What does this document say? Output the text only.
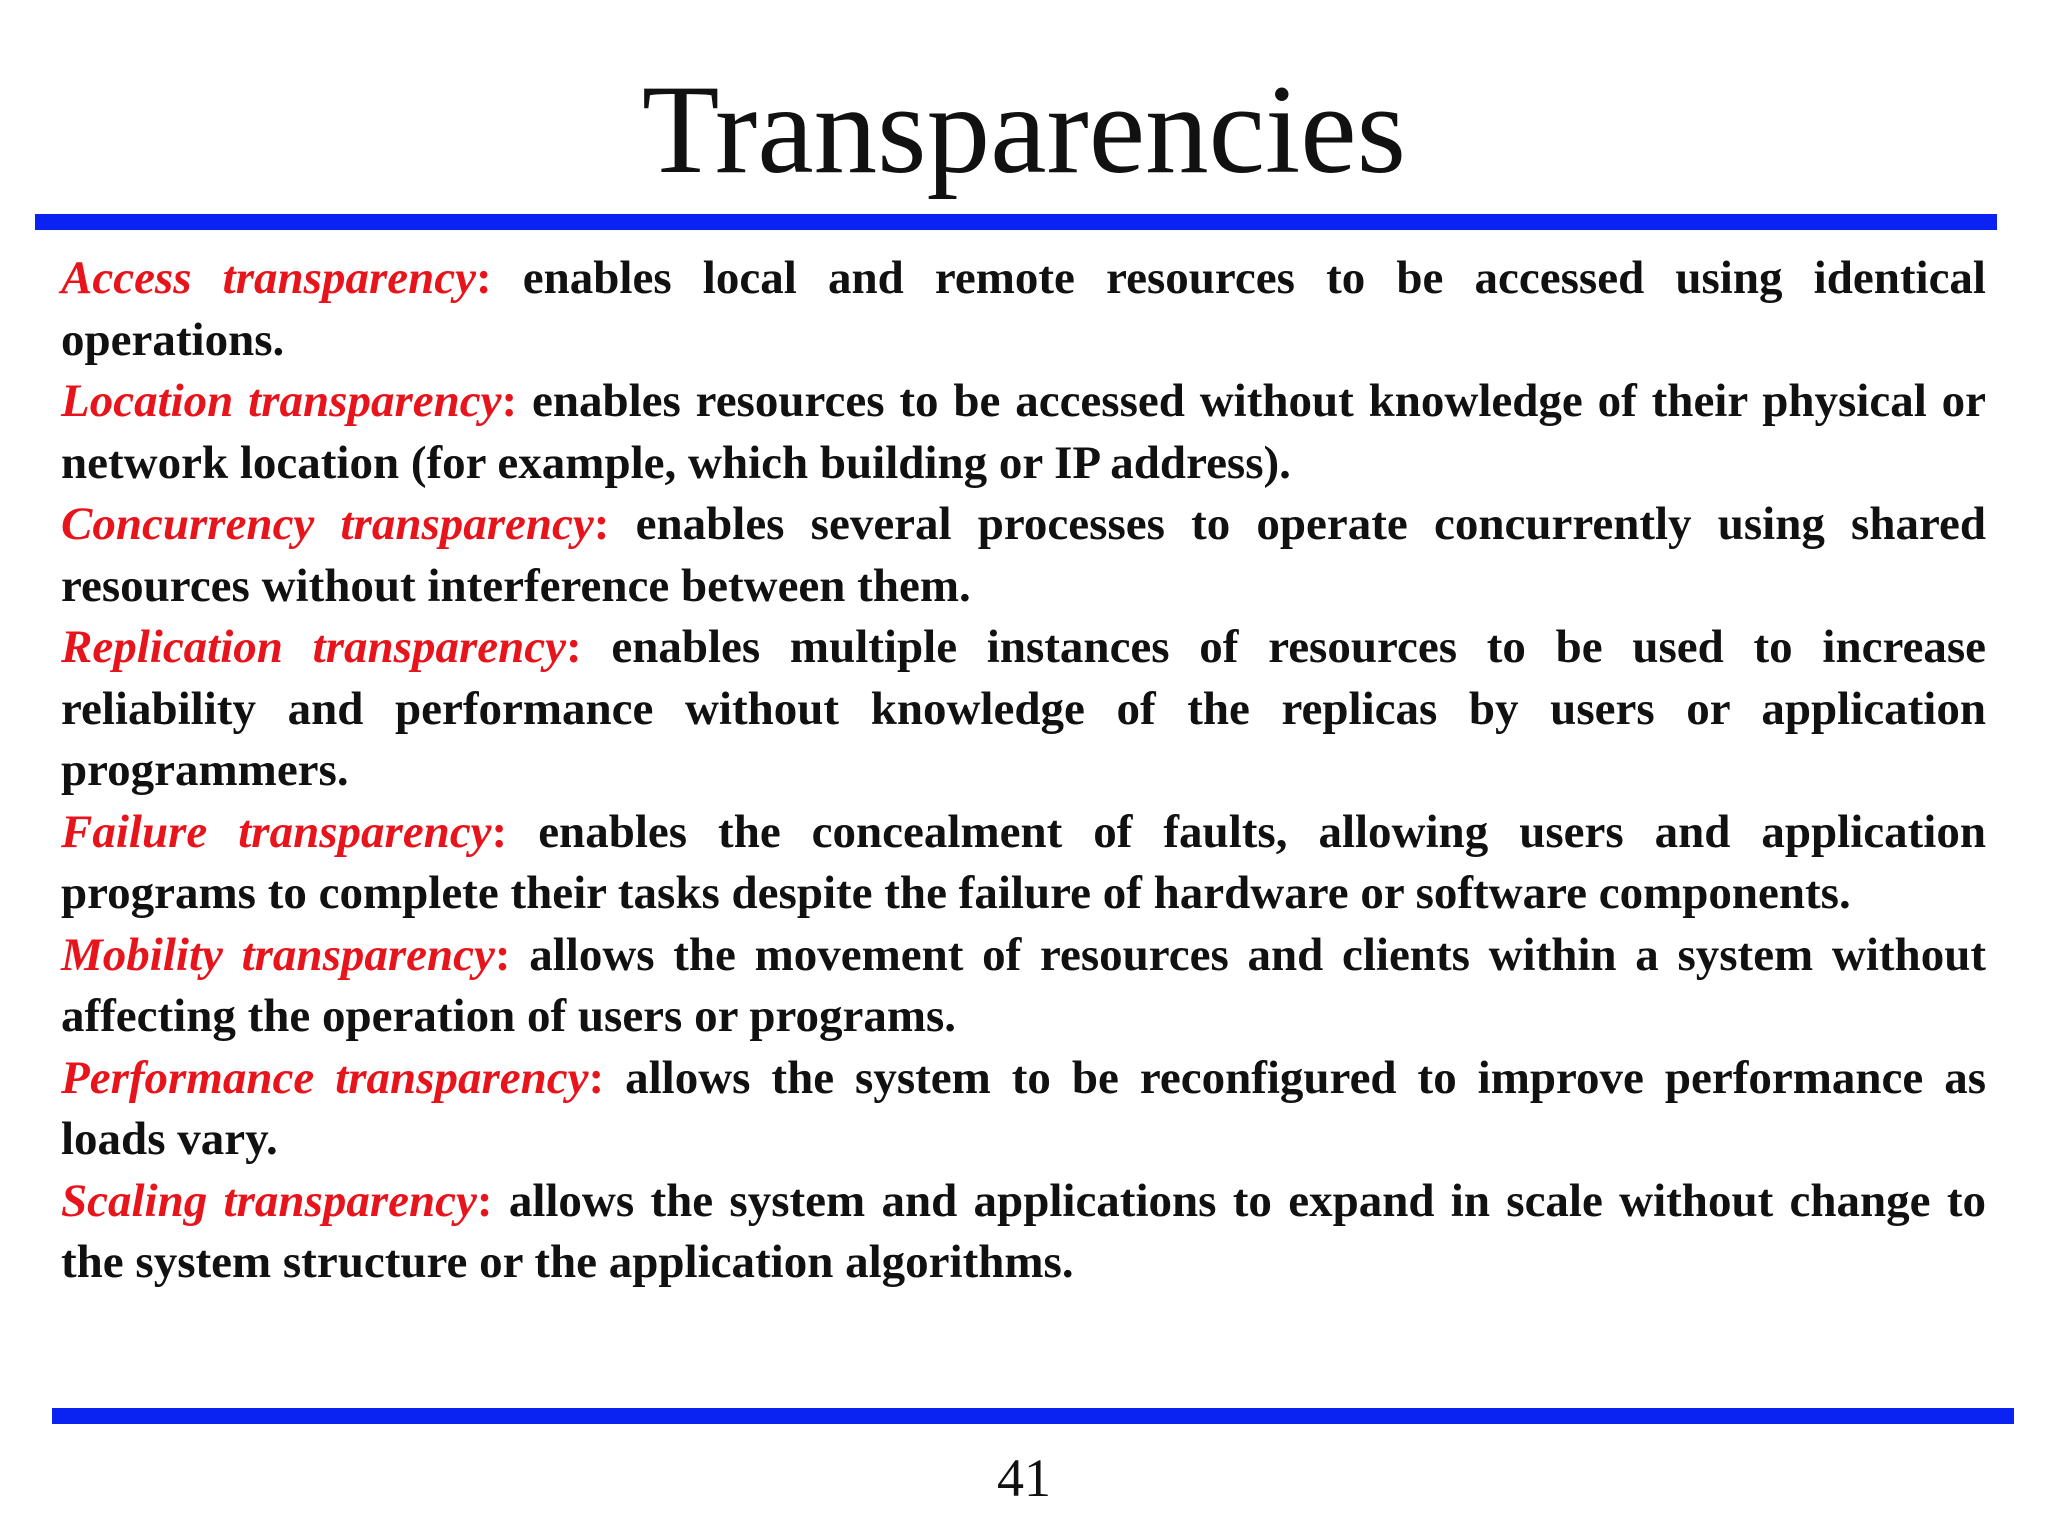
Transparencies

Access transparency: enables local and remote resources to be accessed using identical operations.

Location transparency: enables resources to be accessed without knowledge of their physical or network location (for example, which building or IP address).

Concurrency transparency: enables several processes to operate concurrently using shared resources without interference between them.

Replication transparency: enables multiple instances of resources to be used to increase reliability and performance without knowledge of the replicas by users or application programmers.

Failure transparency: enables the concealment of faults, allowing users and application programs to complete their tasks despite the failure of hardware or software components.

Mobility transparency: allows the movement of resources and clients within a system without affecting the operation of users or programs.

Performance transparency: allows the system to be reconfigured to improve performance as loads vary.

Scaling transparency: allows the system and applications to expand in scale without change to the system structure or the application algorithms.

41
